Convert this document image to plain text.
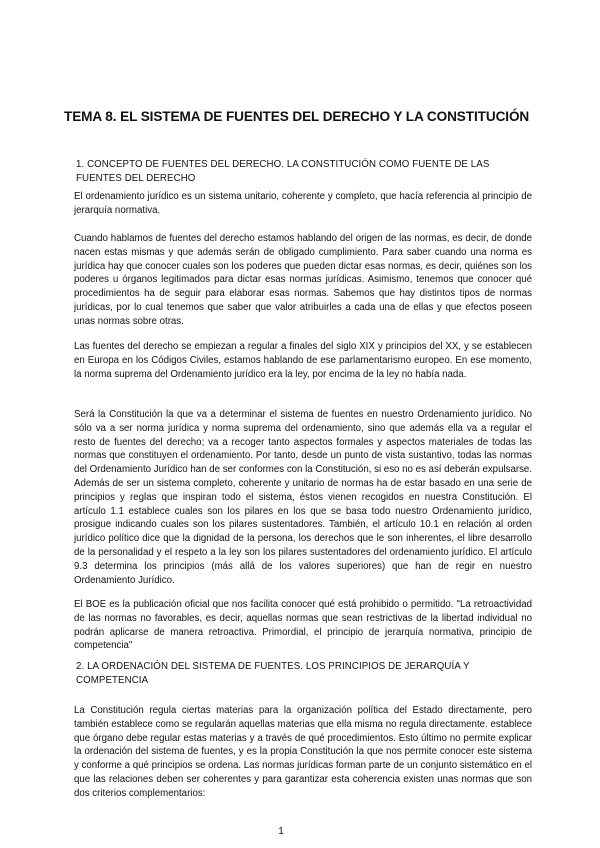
TEMA 8. EL SISTEMA DE FUENTES DEL DERECHO Y LA CONSTITUCIÓN
1. CONCEPTO DE FUENTES DEL DERECHO. LA CONSTITUCIÓN COMO FUENTE DE LAS FUENTES DEL DERECHO
El ordenamiento jurídico es un sistema unitario, coherente y completo, que hacía referencia al principio de jerarquía normativa.
Cuando hablamos de fuentes del derecho estamos hablando del origen de las normas, es decir, de donde nacen estas mismas y que además serán de obligado cumplimiento. Para saber cuando una norma es jurídica hay que conocer cuales son los poderes que pueden dictar esas normas, es decir, quiénes son los poderes u órganos legitimados para dictar esas normas jurídicas. Asimismo, tenemos que conocer qué procedimientos ha de seguir para elaborar esas normas. Sabemos que hay distintos tipos de normas jurídicas, por lo cual tenemos que saber que valor atribuirles a cada una de ellas y que efectos poseen unas normas sobre otras.
Las fuentes del derecho se empiezan a regular a finales del siglo XIX y principios del XX, y se establecen en Europa en los Códigos Civiles, estamos hablando de ese parlamentarismo europeo. En ese momento, la norma suprema del Ordenamiento jurídico era la ley, por encima de la ley no había nada.
Será la Constitución la que va a determinar el sistema de fuentes en nuestro Ordenamiento jurídico. No sólo va a ser norma jurídica y norma suprema del ordenamiento, sino que además ella va a regular el resto de fuentes del derecho; va a recoger tanto aspectos formales y aspectos materiales de todas las normas que constituyen el ordenamiento. Por tanto, desde un punto de vista sustantivo, todas las normas del Ordenamiento Jurídico han de ser conformes con la Constitución, si eso no es así deberán expulsarse. Además de ser un sistema completo, coherente y unitario de normas ha de estar basado en una serie de principios y reglas que inspiran todo el sistema, éstos vienen recogidos en nuestra Constitución. El artículo 1.1 establece cuales son los pilares en los que se basa todo nuestro Ordenamiento jurídico, prosigue indicando cuales son los pilares sustentadores. También, el artículo 10.1 en relación al orden jurídico político dice que la dignidad de la persona, los derechos que le son inherentes, el libre desarrollo de la personalidad y el respeto a la ley son los pilares sustentadores del ordenamiento jurídico. El artículo 9.3 determina los principios (más allá de los valores superiores) que han de regir en nuestro Ordenamiento Jurídico.
El BOE es la publicación oficial que nos facilita conocer qué está prohibido o permitido. "La retroactividad de las normas no favorables, es decir, aquellas normas que sean restrictivas de la libertad individual no podrán aplicarse de manera retroactiva. Primordial, el principio de jerarquía normativa, principio de competencia"
2. LA ORDENACIÓN DEL SISTEMA DE FUENTES. LOS PRINCIPIOS DE JERARQUÍA Y COMPETENCIA
La Constitución regula ciertas materias para la organización política del Estado directamente, pero también establece como se regularán aquellas materias que ella misma no regula directamente. establece que órgano debe regular estas materias y a través de qué procedimientos. Esto último no permite explicar la ordenación del sistema de fuentes, y es la propia Constitución la que nos permite conocer este sistema y conforme a qué principios se ordena. Las normas jurídicas forman parte de un conjunto sistemático en el que las relaciones deben ser coherentes y para garantizar esta coherencia existen unas normas que son dos criterios complementarios:
1
